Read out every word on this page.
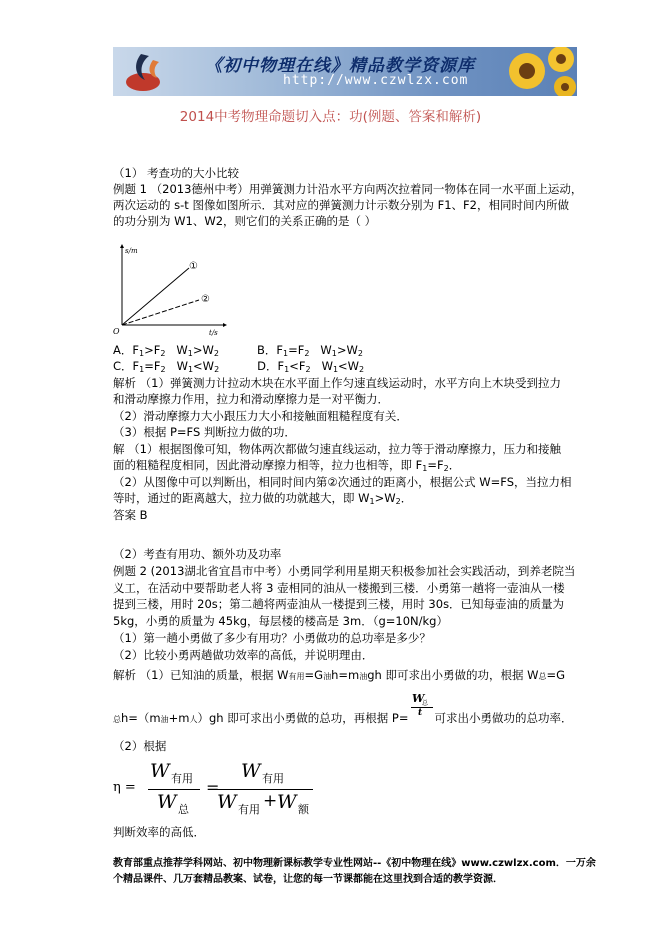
《初中物理在线》精品教学资源库
http://www.czwlzx.com
2014中考物理命题切入点：功(例题、答案和解析)
（1） 考查功的大小比较
例题 1 （2013德州中考）用弹簧测力计沿水平方向两次拉着同一物体在同一水平面上运动，
两次运动的 s-t 图像如图所示．其对应的弹簧测力计示数分别为 F1、F2，相同时间内所做
的功分别为 W1、W2，则它们的关系正确的是（ ）
s/m
t/s
O
①
②
A．$F_1>F_2$ $W_1>W_2$	B．$F_1=F_2$ $W_1>W_2$
C．$F_1=F_2$ $W_1<W_2$	D．$F_1<F_2$ $W_1<W_2$
解析 （1）弹簧测力计拉动木块在水平面上作匀速直线运动时，水平方向上木块受到拉力
和滑动摩擦力作用，拉力和滑动摩擦力是一对平衡力．
（2）滑动摩擦力大小跟压力大小和接触面粗糙程度有关．
（3）根据 P=FS 判断拉力做的功．
解 （1）根据图像可知，物体两次都做匀速直线运动，拉力等于滑动摩擦力，压力和接触
面的粗糙程度相同，因此滑动摩擦力相等，拉力也相等，即 $F_1=F_2$．
（2）从图像中可以判断出，相同时间内第②次通过的距离小，根据公式 W=FS，当拉力相
等时，通过的距离越大，拉力做的功就越大，即 $W_1>W_2$．
答案 B
（2）考查有用功、额外功及功率
例题 2 (2013湖北省宜昌市中考）小勇同学利用星期天积极参加社会实践活动，到养老院当
义工，在活动中要帮助老人将 3 壶相同的油从一楼搬到三楼．小勇第一趟将一壶油从一楼
提到三楼，用时 20s；第二趟将两壶油从一楼提到三楼，用时 30s．已知每壶油的质量为
5kg，小勇的质量为 45kg，每层楼的楼高是 3m．（g=10N/kg）
（1）第一趟小勇做了多少有用功？小勇做功的总功率是多少？
（2）比较小勇两趟做功效率的高低，并说明理由．
解析 （1）已知油的质量，根据 W有用=G油h=m油gh 即可求出小勇做的功，根据 W总=G
总h=（m油+m人）gh 即可求出小勇做的总功，再根据 P= 可求出小勇做功的总功率．
W
总
t
（2）根据
η =
W 有用
W 总
=
W 有用
W 有用 + W 额
判断效率的高低．
教育部重点推荐学科网站、初中物理新课标教学专业性网站--《初中物理在线》www.czwlzx.com．一万余
个精品课件、几万套精品教案、试卷，让您的每一节课都能在这里找到合适的教学资源．
